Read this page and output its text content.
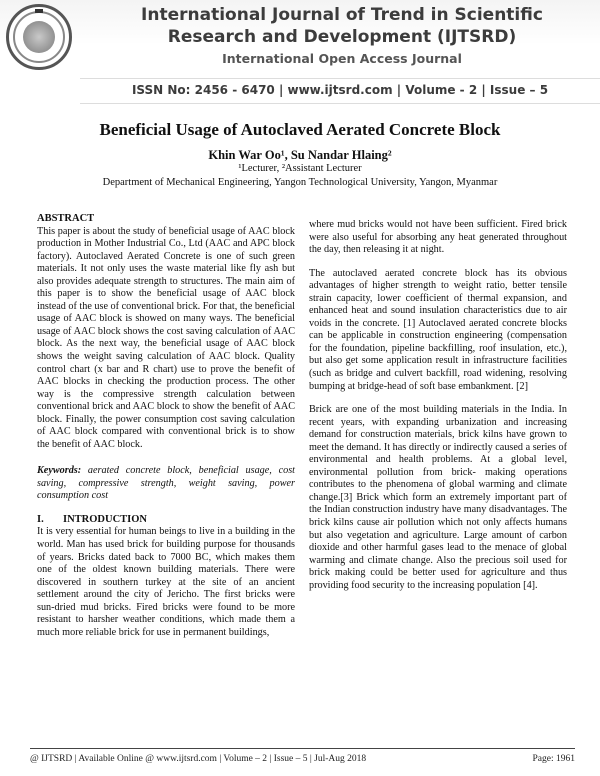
International Journal of Trend in Scientific
Research and Development (IJTSRD)
International Open Access Journal
ISSN No: 2456 - 6470 | www.ijtsrd.com | Volume - 2 | Issue – 5
Beneficial Usage of Autoclaved Aerated Concrete Block
Khin War Oo¹, Su Nandar Hlaing²
¹Lecturer, ²Assistant Lecturer
Department of Mechanical Engineering, Yangon Technological University, Yangon, Myanmar
ABSTRACT

This paper is about the study of beneficial usage of AAC block production in Mother Industrial Co., Ltd (AAC and APC block factory). Autoclaved Aerated Concrete is one of such green materials. It not only uses the waste material like fly ash but also provides adequate strength to structures. The main aim of this paper is to show the beneficial usage of AAC block instead of the use of conventional brick. For that, the beneficial usage of AAC block is showed on many ways. The beneficial usage of AAC block shows the cost saving calculation of AAC block. As the next way, the beneficial usage of AAC block shows the weight saving calculation of AAC block. Quality control chart (x bar and R chart) use to prove the benefit of AAC blocks in checking the production process. The other way is the compressive strength calculation between conventional brick and AAC block to show the benefit of AAC block. Finally, the power consumption cost saving calculation of AAC block compared with conventional brick is to show the benefit of AAC block.

Keywords: aerated concrete block, beneficial usage, cost saving, compressive strength, weight saving, power consumption cost

I.	INTRODUCTION

It is very essential for human beings to live in a building in the world. Man has used brick for building purpose for thousands of years. Bricks dated back to 7000 BC, which makes them one of the oldest known building materials. There were discovered in southern turkey at the site of an ancient settlement around the city of Jericho. The first bricks were sun-dried mud bricks. Fired bricks were found to be more resistant to harsher weather conditions, which made them a much more reliable brick for use in permanent buildings,

where mud bricks would not have been sufficient. Fired brick were also useful for absorbing any heat generated throughout the day, then releasing it at night.

The autoclaved aerated concrete block has its obvious advantages of higher strength to weight ratio, better tensile strain capacity, lower coefficient of thermal expansion, and enhanced heat and sound insulation characteristics due to air voids in the concrete. [1] Autoclaved aerated concrete blocks can be applicable in construction engineering (compensation for the foundation, pipeline backfilling, roof insulation, etc.), but also get some application result in infrastructure facilities (such as bridge and culvert backfill, road widening, resolving bumping at bridge-head of soft base embankment. [2]

Brick are one of the most building materials in the India. In recent years, with expanding urbanization and increasing demand for construction materials, brick kilns have grown to meet the demand. It has directly or indirectly caused a series of environmental and health problems. At a global level, environmental pollution from brick- making operations contributes to the phenomena of global warming and climate change.[3] Brick which form an extremely important part of the Indian construction industry have many disadvantages. The brick kilns cause air pollution which not only affects humans but also vegetation and agriculture. Large amount of carbon dioxide and other harmful gases lead to the menace of global warming and climate change. Also the precious soil used for brick making could be better used for agriculture and thus providing food security to the increasing population [4].

@ IJTSRD | Available Online @ www.ijtsrd.com | Volume – 2 | Issue – 5 | Jul-Aug 2018	Page: 1961
